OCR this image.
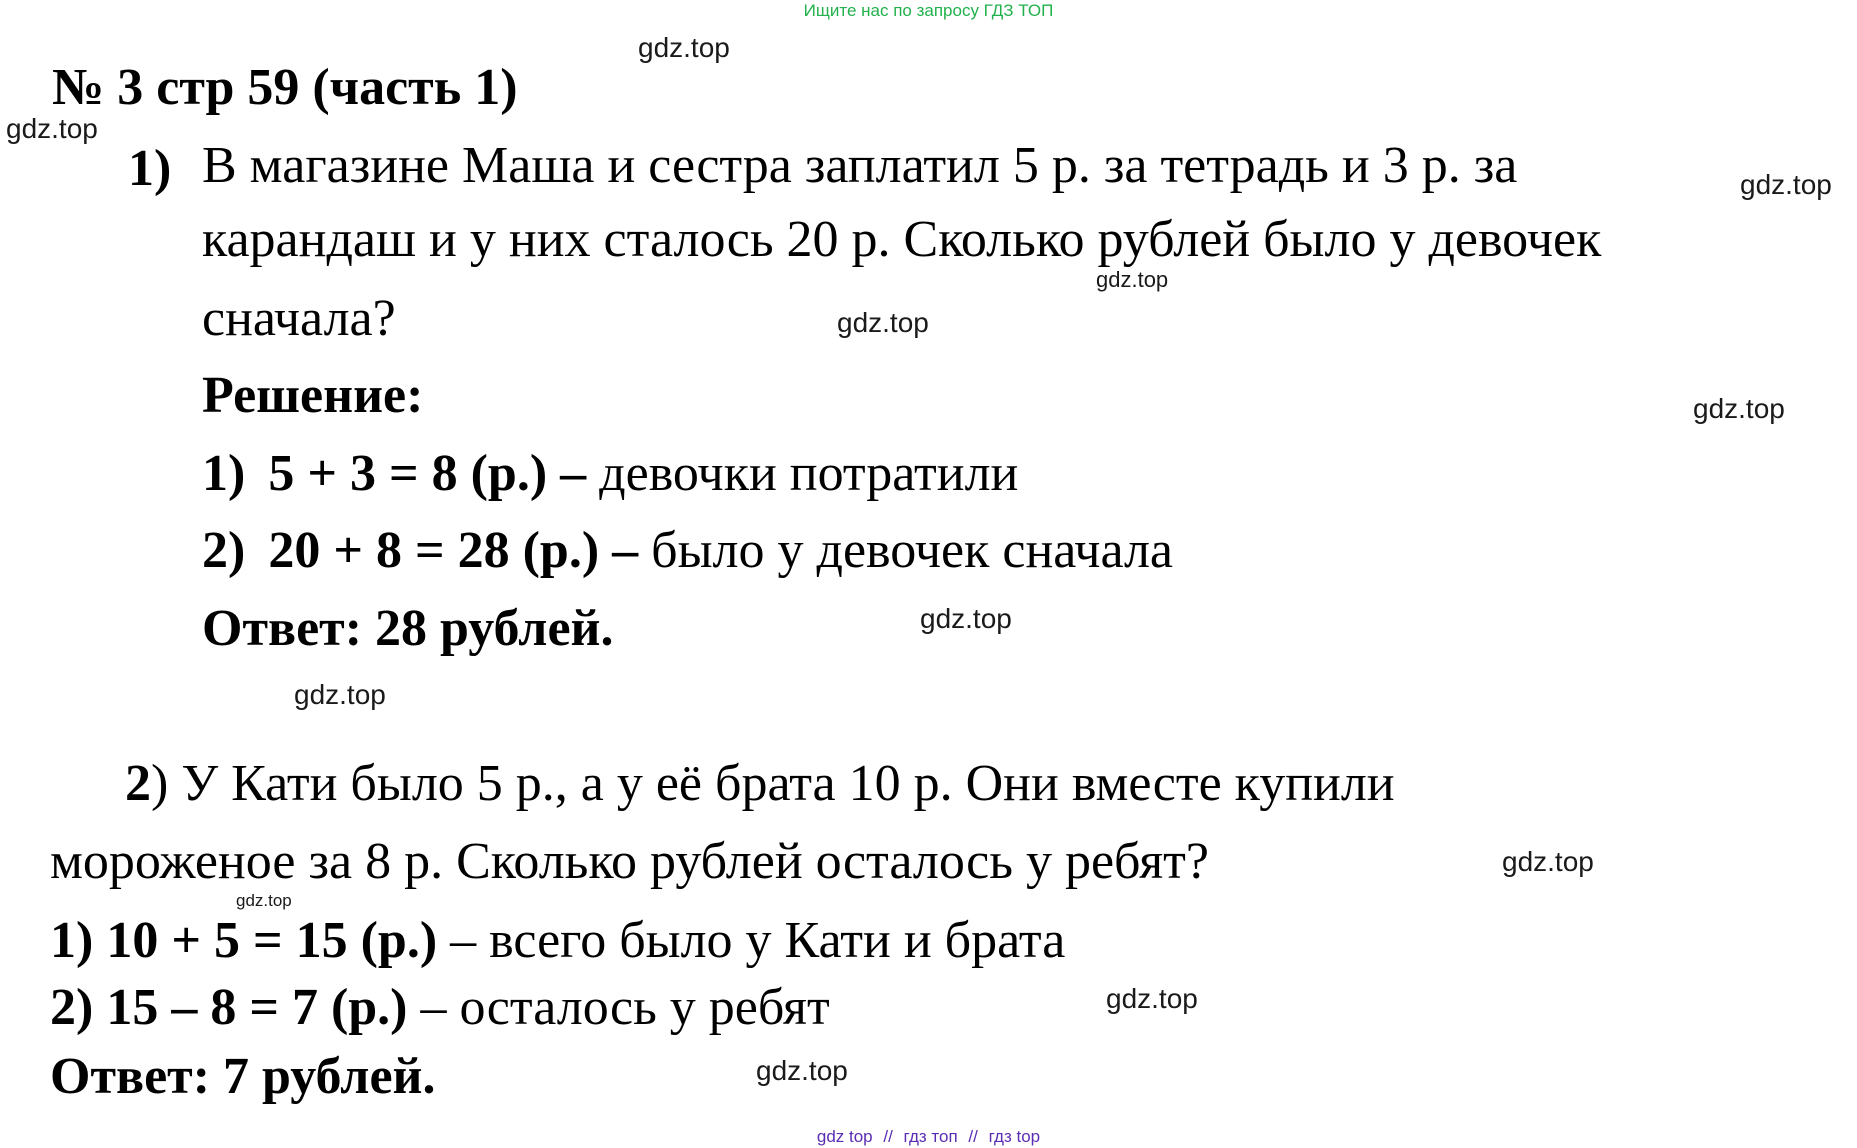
Ищите нас по запросу ГДЗ ТОП
№ 3 стр 59 (часть 1)
1) В магазине Маша и сестра заплатил 5 р. за тетрадь и 3 р. за
карандаш и у них сталось 20 р. Сколько рублей было у девочек
сначала?
Решение:
1) 5 + 3 = 8 (р.) – девочки потратили
2) 20 + 8 = 28 (р.) – было у девочек сначала
Ответ: 28 рублей.
2) У Кати было 5 р., а у её брата 10 р. Они вместе купили
мороженое за 8 р. Сколько рублей осталось у ребят?
1) 10 + 5 = 15 (р.) – всего было у Кати и брата
2) 15 – 8 = 7 (р.) – осталось у ребят
Ответ: 7 рублей.
gdz.top
gdz.top
gdz.top
gdz.top
gdz.top
gdz.top
gdz.top
gdz.top
gdz.top
gdz.top
gdz.top
gdz.top
gdz top // гдз топ // гдз top
